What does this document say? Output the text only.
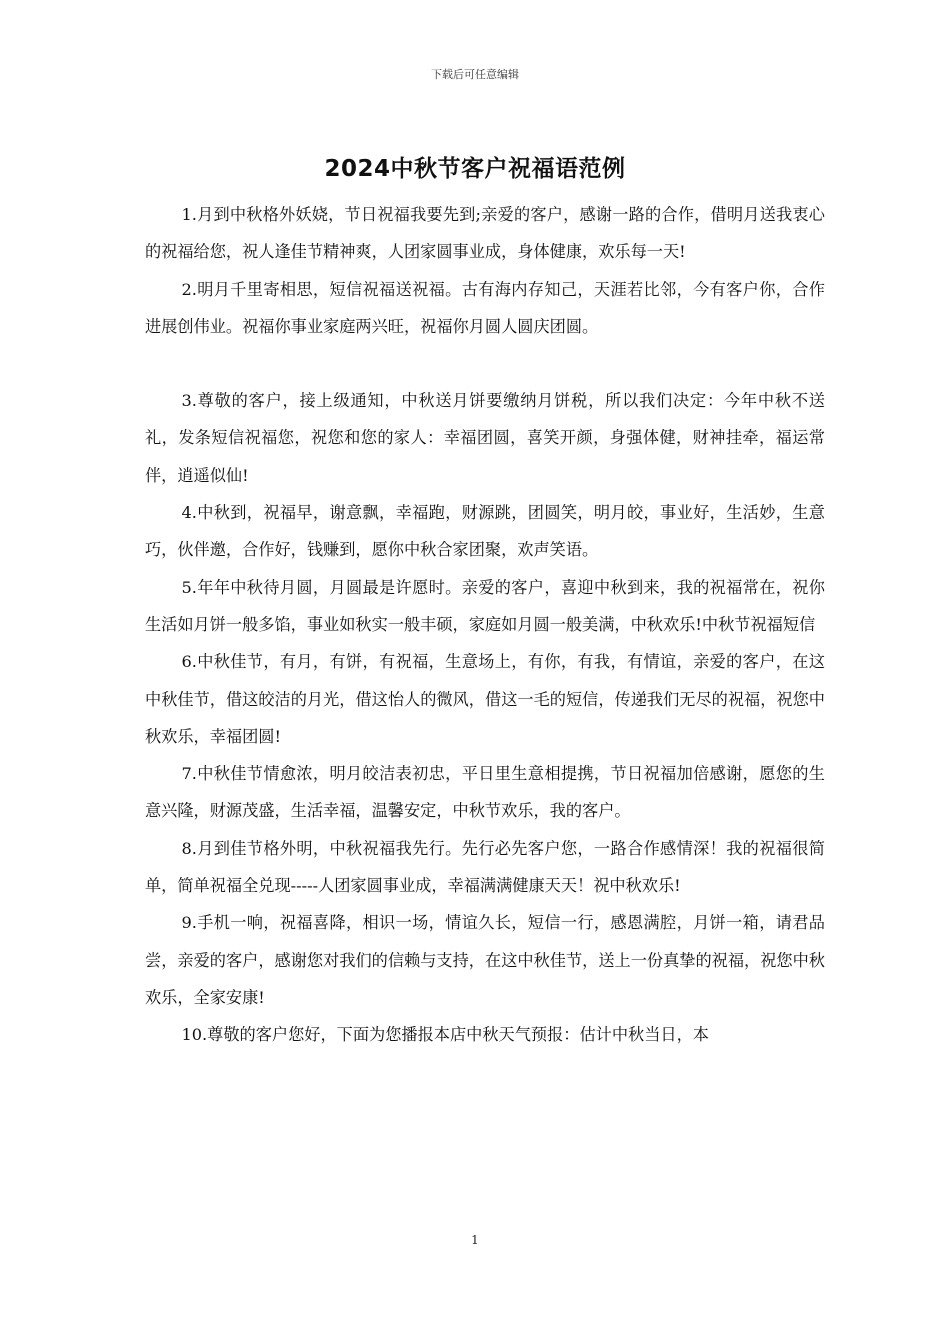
下载后可任意编辑
2024中秋节客户祝福语范例

1.月到中秋格外妖娆，节日祝福我要先到;亲爱的客户，感谢一路的合作，借明月送我衷心的祝福给您，祝人逢佳节精神爽，人团家圆事业成，身体健康，欢乐每一天!

2.明月千里寄相思，短信祝福送祝福。古有海内存知己，天涯若比邻，今有客户你，合作进展创伟业。祝福你事业家庭两兴旺，祝福你月圆人圆庆团圆。

3.尊敬的客户，接上级通知，中秋送月饼要缴纳月饼税，所以我们决定：今年中秋不送礼，发条短信祝福您，祝您和您的家人：幸福团圆，喜笑开颜，身强体健，财神挂牵，福运常伴，逍遥似仙!

4.中秋到，祝福早，谢意飘，幸福跑，财源跳，团圆笑，明月皎，事业好，生活妙，生意巧，伙伴邀，合作好，钱赚到，愿你中秋合家团聚，欢声笑语。

5.年年中秋待月圆，月圆最是许愿时。亲爱的客户，喜迎中秋到来，我的祝福常在，祝你生活如月饼一般多馅，事业如秋实一般丰硕，家庭如月圆一般美满，中秋欢乐!中秋节祝福短信

6.中秋佳节，有月，有饼，有祝福，生意场上，有你，有我，有情谊，亲爱的客户，在这中秋佳节，借这皎洁的月光，借这怡人的微风，借这一毛的短信，传递我们无尽的祝福，祝您中秋欢乐，幸福团圆!

7.中秋佳节情愈浓，明月皎洁表初忠，平日里生意相提携，节日祝福加倍感谢，愿您的生意兴隆，财源茂盛，生活幸福，温馨安定，中秋节欢乐，我的客户。

8.月到佳节格外明，中秋祝福我先行。先行必先客户您，一路合作感情深！我的祝福很简单，简单祝福全兑现-----人团家圆事业成，幸福满满健康天天！祝中秋欢乐!

9.手机一响，祝福喜降，相识一场，情谊久长，短信一行，感恩满腔，月饼一箱，请君品尝，亲爱的客户，感谢您对我们的信赖与支持，在这中秋佳节，送上一份真挚的祝福，祝您中秋欢乐，全家安康!

10.尊敬的客户您好，下面为您播报本店中秋天气预报：估计中秋当日，本

1
